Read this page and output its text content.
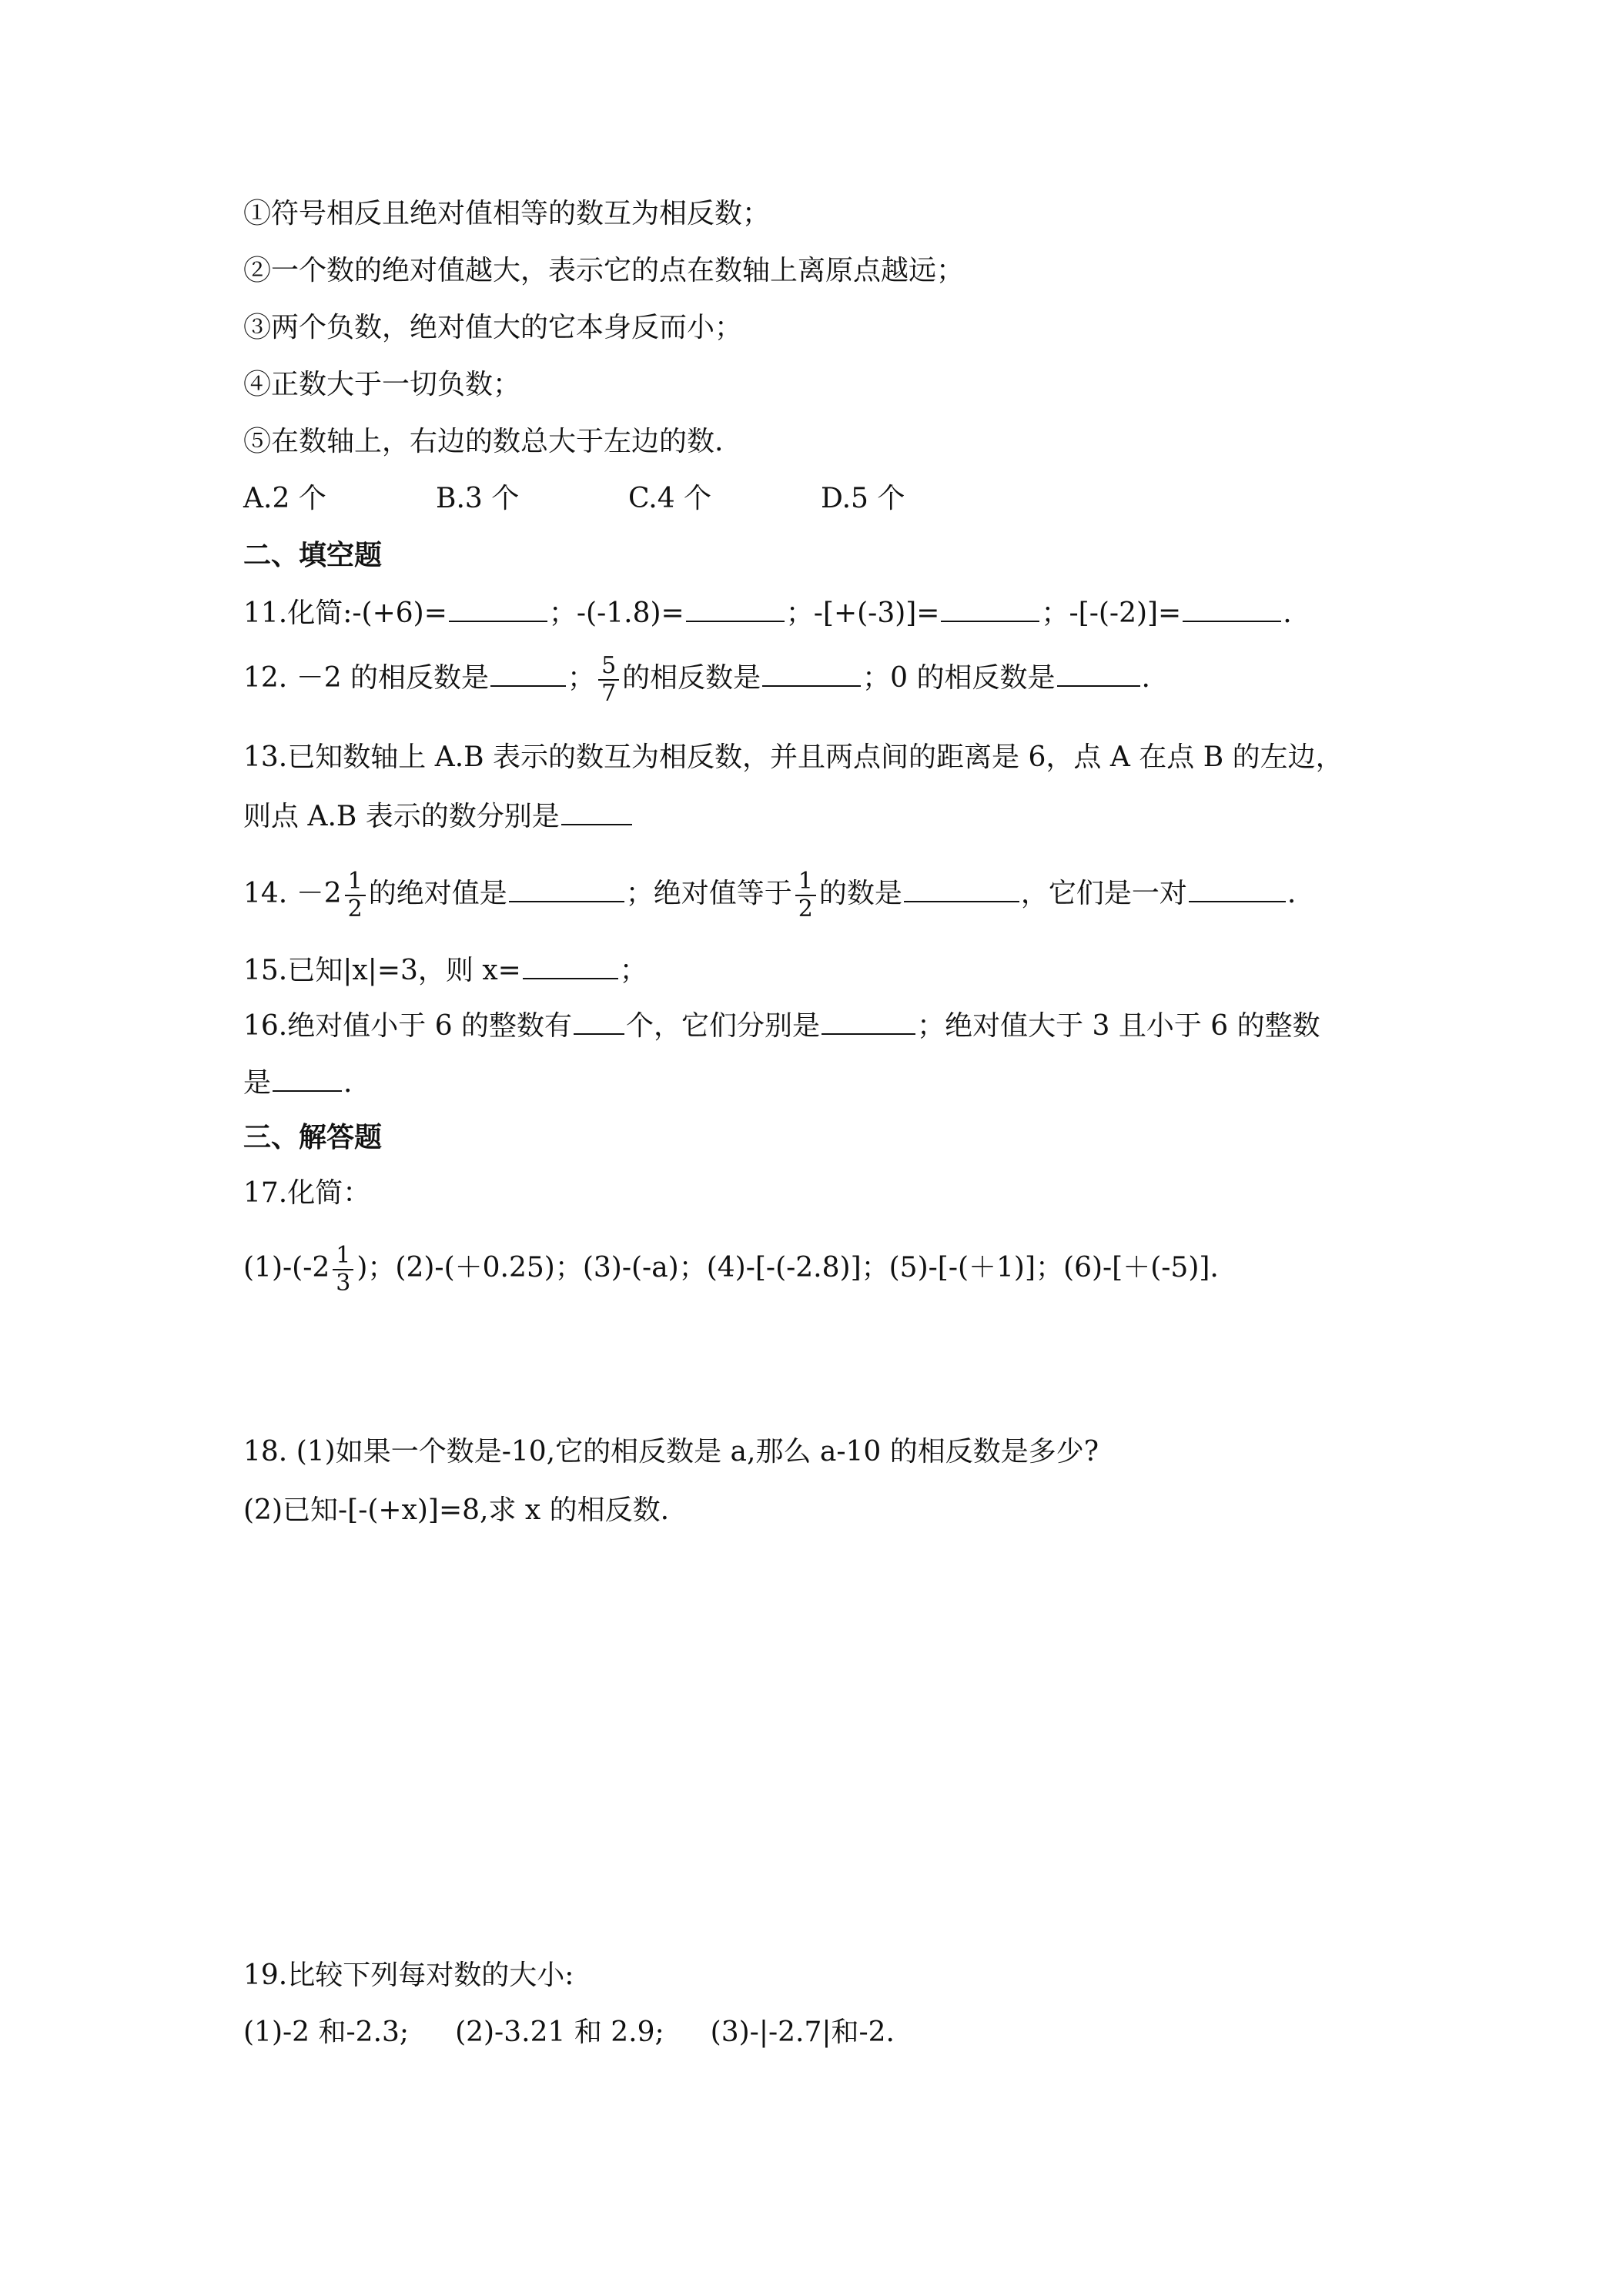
①符号相反且绝对值相等的数互为相反数；
②一个数的绝对值越大，表示它的点在数轴上离原点越远；
③两个负数，绝对值大的它本身反而小；
④正数大于一切负数；
⑤在数轴上，右边的数总大于左边的数.
A.2 个	B.3 个	C.4 个	D.5 个
二、填空题
11.化简:-(+6)=	；-(-1.8)=	；-[+(-3)]=	；-[-(-2)]=	.
12. －2 的相反数是	； $\frac{5}{7}$ 的相反数是	；0 的相反数是	.
13.已知数轴上 A.B 表示的数互为相反数，并且两点间的距离是 6，点 A 在点 B 的左边，
则点 A.B 表示的数分别是
14. $-2 \frac{1}{2}$ 的绝对值是	；绝对值等于 $\frac{1}{2}$ 的数是	，它们是一对	.
15.已知|x|=3，则 x=	；
16.绝对值小于 6 的整数有 个，它们分别是	；绝对值大于 3 且小于 6 的整数
是	.
三、解答题
17.化简：
$(1)-(-2 \frac{1}{3}$ )；(2)-(＋0.25)；(3)-(-a)；(4)-[-(-2.8)]；(5)-[-(＋1)]；(6)-[＋(-5)].
18. (1)如果一个数是-10,它的相反数是 a,那么 a-10 的相反数是多少?
(2)已知-[-(+x)]=8,求 x 的相反数.
19.比较下列每对数的大小:
(1)-2 和-2.3; (2)-3.21 和 2.9; (3)-|-2.7|和-2.
